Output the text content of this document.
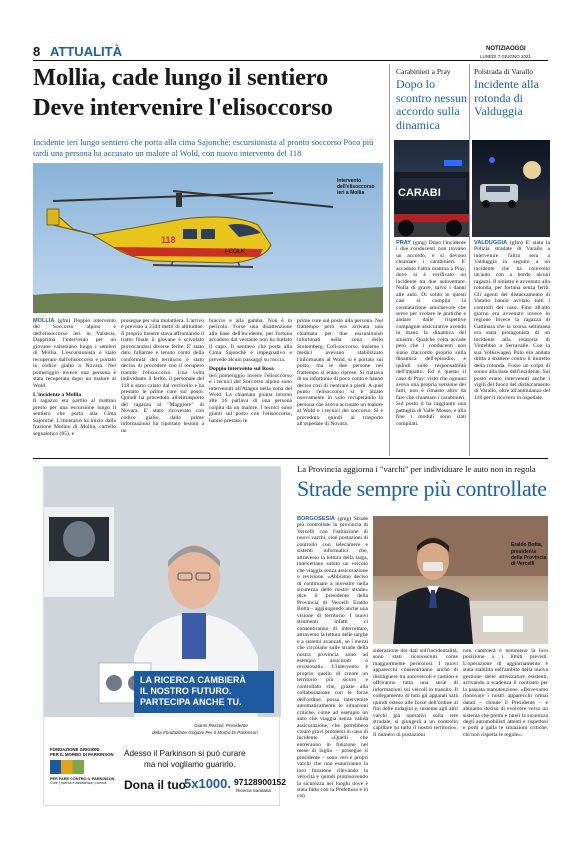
8 ATTUALITÀ	NOTIZIAOGGI
LUNEDÌ 7 GIUGNO 2021
Mollia, cade lungo il sentiero
Deve intervenire l'elisoccorso
Incidente ieri lungo sentiero che porta alla cima Sajonchè: escursionista al pronto soccorso Poco più tardi una persona ha accusato un malore al Wold, con nuovo intervento del 118
I-COLK
118
Intervento dell'elisoccorso ieri a Mollia
MOLLIA (gfm) Doppio intervento del Soccorso alpino e dell'elisoccorso ieri in Valsesia. Dapprima l'intervento per un giovane valsesiano lungo i sentieri di Mollia. L'escursionista è stato recuperato dall'elisoccorso e portato in codice giallo a Novara. Nel pomeriggio invece una persona è stata recuperata dopo un malore al Wold.
L'incidente a Mollia
Il ragazzo era partito al mattino presto per una escursione lungo il sentiero che porta alla Cima Sajonchè. L'itinerario ha inizio dalla frazione Molino di Mollia, cartello segnaletico (85), e
prosegue per una mulattiera. L'arrivo è previsto a 2344 metri di altitudine. Il proprio mentre stava affrontando il tratto finale il giovane è scivolato provocandosi diverse ferite. E' stato dato l'allarme e tenuto conto della conformità del territorio è stato deciso di procedere con il recupero tramite l'elisoccorso. Una volta individuato il ferito, il personale del 118 è stato calato dal verricello e ha prestato le prime cure sul posto. Quindi ha proceduto all'elitrasporto del ragazzo al "Maggiore" di Novara. E' stato ricoverato con codice giallo, dalle prime informazioni ha riportato lesioni a un
braccio e alla gamba. Non è in pericolo. Forse una disattenzione alla base dell'incidente, per fortuna accaduto dal versante non ha buttato il capo. Il sentiero che porta alla Cima Sajonchè è impegnativo e prevede alcuni passaggi su roccia.
Doppio intervento sul Rosa
Ieri pomeriggio invece l'elisoccorso e i tecnici del Soccorso alpino sono intervenuti all'Alagna nella zona del Wold. La chiamata giunta intorno alle 16 parlava di una persona colpita da un malore. I tecnici sono giunti sul posto con l'elisoccorso, hanno prestato le
prime cure sul posto alla persona. Nel frattempo però era arrivata una chiamata per due escursionisti infortunati nella zona dello Stolemberg. Coll-soccorso, insieme i medici avevano stabilizzato l'infortunato al Wold, si è portato sul posto, ma le due persone nel frattempo si erano riprese. Si trattava di un infortunio di poco conto e hanno deciso così di rientrare a piedi. A quel punto l'elisoccorso si è alzato nuovamente in volo recuperando la persona che aveva accusato un malore al Wold e i tecnici del soccorso. Si è proceduto quindi al trasporto all'ospedale di Novara.
Carabinieri a Pray
Dopo lo scontro nessun accordo sulla dinamica
CARABI
PRAY (gmg) Dopo l'incidente i due conducenti non trovano un accordo, e si devono chiamare i carabinieri. E' accaduto l'altra mattina a Pray, dove si è verificato un incidente tra due autovetture. Nulla di grave, salvo i danni alle auto. Di solito in questi casi si compila la constatazione amichevole che serve per svelare le pratiche e andare dalle rispettive compagnie assicurative avendo in mano la dinamica del sinistro. Qualche volta accade però che i conducenti non siano d'accordo proprio sulla dinamica dell'episodio, e quindi sulle responsabilità dell'impatto. Ed è questo il caso di Pray: visto che ognuno aveva una propria versione dei fatti, non è rimasto altro da fare che chiamare i carabinieri. Sul posto il ha raggiunto una pattuglia di Valle Mosso, e alla fine i moduli sono stati compilati.
Polstrada di Varallo
Incidente alla rotonda di Valduggia
VALDUGGIA (gfm) E' stata la Polizia stradale di Varallo a intervenire l'altra sera a Valduggia in seguito a un incidente che ha coinvolto un'auto con a bordo alcuni ragazzi. Il sinistro è avvenuto alla rotonda, per fortuna senza feriti. Gli agenti del distaccamento di Varallo hanno avviato tutti i controlli del caso. Fino all'alto giorno era avvenuto invece in regione Invece la ragazza di Gattinara che la scorsa settimana era stata protagonista di un incidente alla rotatoria di Vintebbio a Serravalle. Con la sua Volkswagen Polo era andata dritta a sbattere contro il muretto della rotonda. Fosse un colpo di sonno alla base dell'incidente. Sul posto erano intervenuti anche i vigili del fuoco del distaccamento di Varallo, oltre all'ambulanza del 118 per il ricovero in ospedale.
LA RICERCA CAMBIERÀ
IL NOSTRO FUTURO.
PARTECIPA ANCHE TU.
Gianni Pezzoli, Presidente
della Fondazione Grigioni Per Il Morbo Di Parkinson
FONDAZIONE GRIGIONI
PER IL MORBO DI PARKINSON
PER FARE CONTRO IL PARKINSON
Cure | ricerca e assistenza | ricerca
Adesso il Parkinson si può curare
ma noi vogliamo guarirlo.
Dona il tuo
5x1000. 97128900152
Ricerca Sanitaria
La Provincia aggiorna i "varchi" per individuare le auto non in regola
Strade sempre più controllate
BORGOSESIA (gmg) Strade più controllate in provincia di Vercelli con l'istituzione di nuovi varchi, cioè postazioni di controllo con telecamere e sistemi informatici che, attraverso la lettura della targa, intercettano subito un veicolo che viaggia senza assicurazione o revisione. «Abbiamo deciso di continuare a investire nella sicurezza delle nostre strade» dice il presidente della Provincia di Vercelli Eraldo Botta – aggiungendo anche una visione di territorio. I nuovi strumenti infatti ci consentiranno di intercettare, attraverso la lettura delle targhe e a sistemi avanzati, se i mezzi che circolano sulle strade della nostra provincia sono ad esempio assicurati o revisionati». L'intervento è proprio quello di creare un territorio più sicuro e controllato che, grazie alla collaborazione con le forze dell'ordine, possa intervenire automaticamente le situazioni critiche, come ad esempio un auto che viaggia senza valida assicurazione, che potrebbero creare gravi problemi in caso di incidente. «Quelli che entreranno in funzione nel mese di luglio – prosegue il presidente – sono veri e propri varchi che non esauriranno la loro funzione rilevando la velocità e quindi promuovendo la sicurezza nei luoghi dove è stata fatta con la Prefettura e in con
Eraldo Botta,
presidente della Provincia di Vercelli
siderazione dei dati sull'incidentalità, sono stati riconosciuti come maggiormente pericolosi. I nuovi apparecchi consentiranno anche di distinguere tra autoveicoli e camion e offriranno tutta una serie di informazioni sui veicoli in transito. Il collegamento di tutti gli apparati sarà quindi esteso alle forze dell'ordine ai fini delle indagini e, insieme agli altri varchi già operativi sulla rete stradale, si giungerà a un controllo capillare su tutto il nostro territorio». Il numero di postazioni
non cambierà e nemmeno la loro posizione o i limiti previsti. L'operazione di aggiornamento è stata stabilita nell'ambito della nuova gestione delle attrezzature esistenti, arrivando a scadenza il contratto per la passata manutenzione. «Dovevamo rinnovare i nostri apparecchi ormai datati – chiude il Presidente – e abbiamo deciso di evolvere verso un sistema che premi e tuteli la sicurezza degli automobilisti attenti e rispettosi e porti a galla le situazioni critiche, chi non rispetta le regole».
